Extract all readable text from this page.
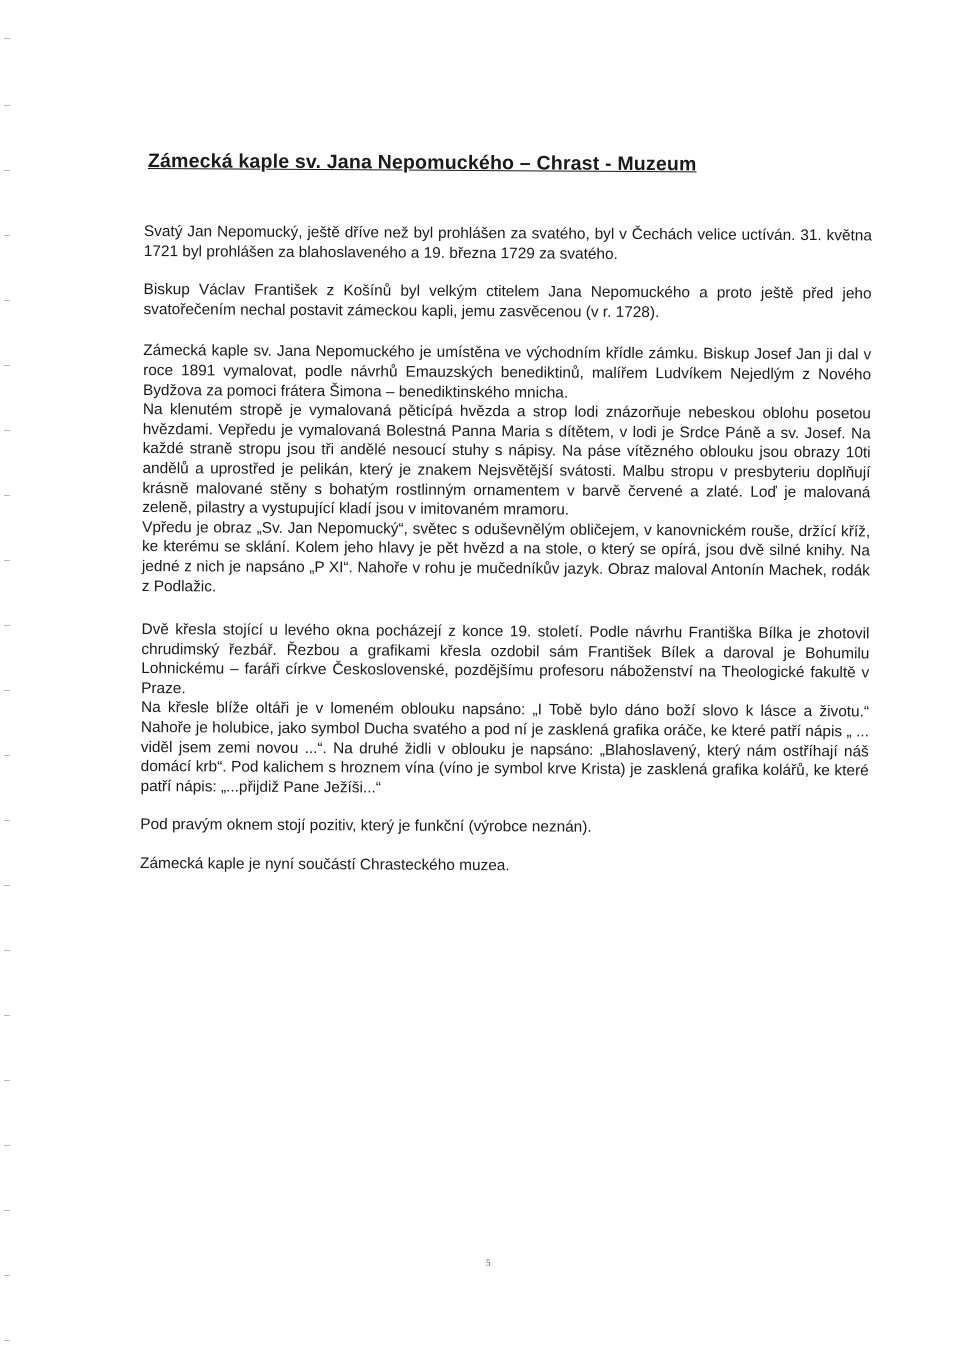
Zámecká kaple sv. Jana Nepomuckého – Chrast - Muzeum

Svatý Jan Nepomucký, ještě dříve než byl prohlášen za svatého, byl v Čechách velice uctíván. 31. května 1721 byl prohlášen za blahoslaveného a 19. března 1729 za svatého.

Biskup Václav František z Košínů byl velkým ctitelem Jana Nepomuckého a proto ještě před jeho svatořečením nechal postavit zámeckou kapli, jemu zasvěcenou (v r. 1728).

Zámecká kaple sv. Jana Nepomuckého je umístěna ve východním křídle zámku. Biskup Josef Jan ji dal v roce 1891 vymalovat, podle návrhů Emauzských benediktinů, malířem Ludvíkem Nejedlým z Nového Bydžova za pomoci frátera Šimona – benediktinského mnicha.

Na klenutém stropě je vymalovaná pěticípá hvězda a strop lodi znázorňuje nebeskou oblohu posetou hvězdami. Vepředu je vymalovaná Bolestná Panna Maria s dítětem, v lodi je Srdce Páně a sv. Josef. Na každé straně stropu jsou tři andělé nesoucí stuhy s nápisy. Na páse vítězného oblouku jsou obrazy 10ti andělů a uprostřed je pelikán, který je znakem Nejsvětější svátosti. Malbu stropu v presbyteriu doplňují krásně malované stěny s bohatým rostlinným ornamentem v barvě červené a zlaté. Loď je malovaná zeleně, pilastry a vystupující kladí jsou v imitovaném mramoru.

Vpředu je obraz „Sv. Jan Nepomucký“, světec s oduševnělým obličejem, v kanovnickém rouše, držící kříž, ke kterému se sklání. Kolem jeho hlavy je pět hvězd a na stole, o který se opírá, jsou dvě silné knihy. Na jedné z nich je napsáno „P XI“. Nahoře v rohu je mučedníkův jazyk. Obraz maloval Antonín Machek, rodák z Podlažic.

Dvě křesla stojící u levého okna pocházejí z konce 19. století. Podle návrhu Františka Bílka je zhotovil chrudimský řezbář. Řezbou a grafikami křesla ozdobil sám František Bílek a daroval je Bohumilu Lohnickému – faráři církve Československé, pozdějšímu profesoru náboženství na Theologické fakultě v Praze.

Na křesle blíže oltáři je v lomeném oblouku napsáno: „I Tobě bylo dáno boží slovo k lásce a životu.“ Nahoře je holubice, jako symbol Ducha svatého a pod ní je zasklená grafika oráče, ke které patří nápis „ ... viděl jsem zemi novou ...“. Na druhé židli v oblouku je napsáno: „Blahoslavený, který nám ostříhají náš domácí krb“. Pod kalichem s hroznem vína (víno je symbol krve Krista) je zasklená grafika kolářů, ke které patří nápis: „...přijdiž Pane Ježíši...“

Pod pravým oknem stojí pozitiv, který je funkční (výrobce neznán).

Zámecká kaple je nyní součástí Chrasteckého muzea.

5
